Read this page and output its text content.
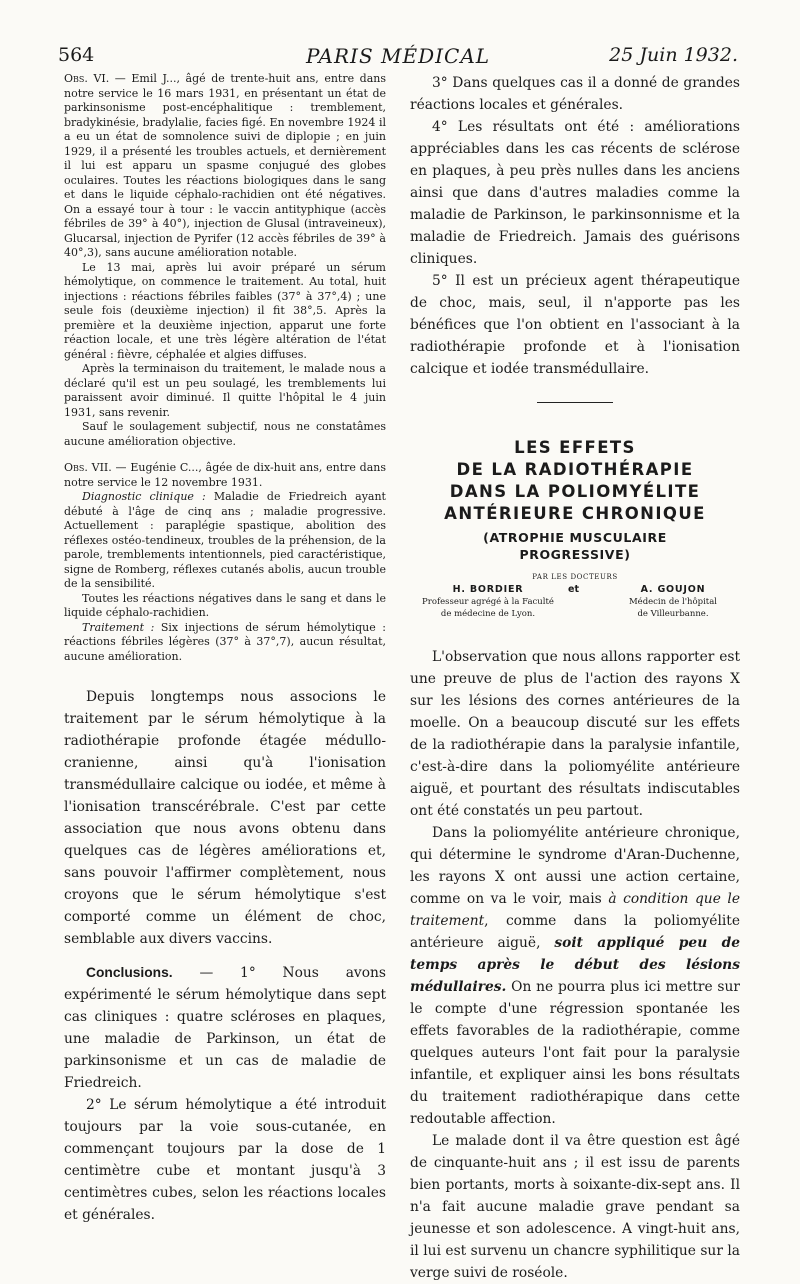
564	PARIS MÉDICAL	25 Juin 1932.

Obs. VI. — Emil J..., âgé de trente-huit ans, entre dans notre service le 16 mars 1931, en présentant un état de parkinsonisme post-encéphalitique : tremblement, bradykinésie, bradylalie, facies figé. En novembre 1924 il a eu un état de somnolence suivi de diplopie ; en juin 1929, il a présenté les troubles actuels, et dernièrement il lui est apparu un spasme conjugué des globes oculaires. Toutes les réactions biologiques dans le sang et dans le liquide céphalo-rachidien ont été négatives. On a essayé tour à tour : le vaccin antityphique (accès fébriles de 39° à 40°), injection de Glusal (intraveineux), Glucarsal, injection de Pyrifer (12 accès fébriles de 39° à 40°,3), sans aucune amélioration notable.

Le 13 mai, après lui avoir préparé un sérum hémolytique, on commence le traitement. Au total, huit injections : réactions fébriles faibles (37° à 37°,4) ; une seule fois (deuxième injection) il fit 38°,5. Après la première et la deuxième injection, apparut une forte réaction locale, et une très légère altération de l'état général : fièvre, céphalée et algies diffuses.

Après la terminaison du traitement, le malade nous a déclaré qu'il est un peu soulagé, les tremblements lui paraissent avoir diminué. Il quitte l'hôpital le 4 juin 1931, sans revenir.

Sauf le soulagement subjectif, nous ne constatâmes aucune amélioration objective.

Obs. VII. — Eugénie C..., âgée de dix-huit ans, entre dans notre service le 12 novembre 1931.

Diagnostic clinique : Maladie de Friedreich ayant débuté à l'âge de cinq ans ; maladie progressive. Actuellement : paraplégie spastique, abolition des réflexes ostéo-tendineux, troubles de la préhension, de la parole, tremblements intentionnels, pied caractéristique, signe de Romberg, réflexes cutanés abolis, aucun trouble de la sensibilité.

Toutes les réactions négatives dans le sang et dans le liquide céphalo-rachidien.

Traitement : Six injections de sérum hémolytique : réactions fébriles légères (37° à 37°,7), aucun résultat, aucune amélioration.

Depuis longtemps nous associons le traitement par le sérum hémolytique à la radiothérapie profonde étagée médullo-cranienne, ainsi qu'à l'ionisation transmédullaire calcique ou iodée, et même à l'ionisation transcérébrale. C'est par cette association que nous avons obtenu dans quelques cas de légères améliorations et, sans pouvoir l'affirmer complètement, nous croyons que le sérum hémolytique s'est comporté comme un élément de choc, semblable aux divers vaccins.

Conclusions. — 1° Nous avons expérimenté le sérum hémolytique dans sept cas cliniques : quatre scléroses en plaques, une maladie de Parkinson, un état de parkinsonisme et un cas de maladie de Friedreich.

2° Le sérum hémolytique a été introduit toujours par la voie sous-cutanée, en commençant toujours par la dose de 1 centimètre cube et montant jusqu'à 3 centimètres cubes, selon les réactions locales et générales.

3° Dans quelques cas il a donné de grandes réactions locales et générales.

4° Les résultats ont été : améliorations appréciables dans les cas récents de sclérose en plaques, à peu près nulles dans les anciens ainsi que dans d'autres maladies comme la maladie de Parkinson, le parkinsonnisme et la maladie de Friedreich. Jamais des guérisons cliniques.

5° Il est un précieux agent thérapeutique de choc, mais, seul, il n'apporte pas les bénéfices que l'on obtient en l'associant à la radiothérapie profonde et à l'ionisation calcique et iodée transmédullaire.

LES EFFETS
DE LA RADIOTHÉRAPIE
DANS LA POLIOMYÉLITE
ANTÉRIEURE CHRONIQUE
(ATROPHIE MUSCULAIRE
PROGRESSIVE)
PAR LES DOCTEURS
H. BORDIER
Professeur agrégé à la Faculté
de médecine de Lyon.
et	A. GOUJON
Médecin de l'hôpital
de Villeurbanne.

L'observation que nous allons rapporter est une preuve de plus de l'action des rayons X sur les lésions des cornes antérieures de la moelle. On a beaucoup discuté sur les effets de la radiothérapie dans la paralysie infantile, c'est-à-dire dans la poliomyélite antérieure aiguë, et pourtant des résultats indiscutables ont été constatés un peu partout.

Dans la poliomyélite antérieure chronique, qui détermine le syndrome d'Aran-Duchenne, les rayons X ont aussi une action certaine, comme on va le voir, mais à condition que le traitement, comme dans la poliomyélite antérieure aiguë, soit appliqué peu de temps après le début des lésions médullaires. On ne pourra plus ici mettre sur le compte d'une régression spontanée les effets favorables de la radiothérapie, comme quelques auteurs l'ont fait pour la paralysie infantile, et expliquer ainsi les bons résultats du traitement radiothérapique dans cette redoutable affection.

Le malade dont il va être question est âgé de cinquante-huit ans ; il est issu de parents bien portants, morts à soixante-dix-sept ans. Il n'a fait aucune maladie grave pendant sa jeunesse et son adolescence. A vingt-huit ans, il lui est survenu un chancre syphilitique sur la verge suivi de roséole.
